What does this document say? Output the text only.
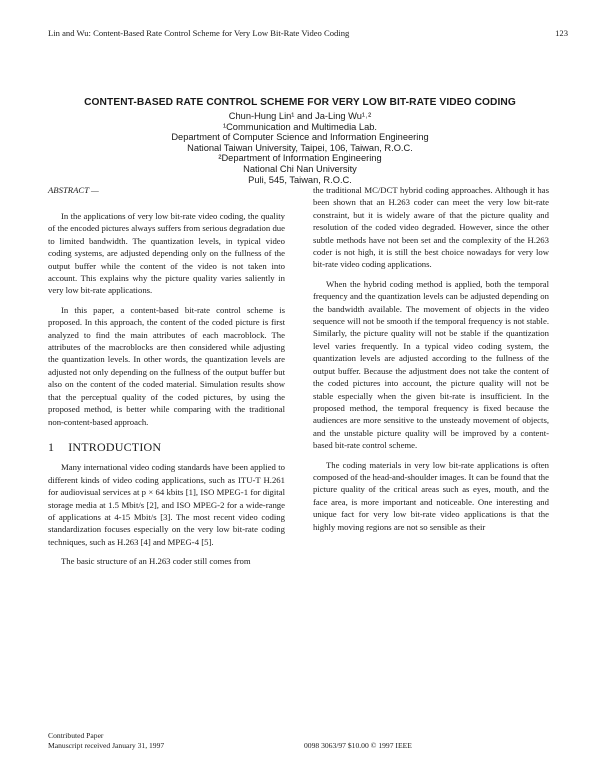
Lin and Wu: Content-Based Rate Control Scheme for Very Low Bit-Rate Video Coding	123
CONTENT-BASED RATE CONTROL SCHEME FOR VERY LOW BIT-RATE VIDEO CODING
Chun-Hung Lin¹ and Ja-Ling Wu¹˒²
¹Communication and Multimedia Lab.
Department of Computer Science and Information Engineering
National Taiwan University, Taipei, 106, Taiwan, R.O.C.
²Department of Information Engineering
National Chi Nan University
Puli, 545, Taiwan, R.O.C.
ABSTRACT —

In the applications of very low bit-rate video coding, the quality of the encoded pictures always suffers from serious degradation due to limited bandwidth. The quantization levels, in typical video coding systems, are adjusted depending only on the fullness of the output buffer while the content of the video is not taken into account. This explains why the picture quality varies saliently in very low bit-rate applications.

In this paper, a content-based bit-rate control scheme is proposed. In this approach, the content of the coded picture is first analyzed to find the main attributes of each macroblock. The attributes of the macroblocks are then considered while adjusting the quantization levels. In other words, the quantization levels are adjusted not only depending on the fullness of the output buffer but also on the content of the coded material. Simulation results show that the perceptual quality of the coded pictures, by using the proposed method, is better while comparing with the traditional non-content-based approach.

1 INTRODUCTION

Many international video coding standards have been applied to different kinds of video coding applications, such as ITU-T H.261 for audiovisual services at p × 64 kbits [1], ISO MPEG-1 for digital storage media at 1.5 Mbit/s [2], and ISO MPEG-2 for a wide-range of applications at 4-15 Mbit/s [3]. The most recent video coding standardization focuses especially on the very low bit-rate coding techniques, such as H.263 [4] and MPEG-4 [5].

The basic structure of an H.263 coder still comes from

the traditional MC/DCT hybrid coding approaches. Although it has been shown that an H.263 coder can meet the very low bit-rate constraint, but it is widely aware of that the picture quality and resolution of the coded video degraded. However, since the other subtle methods have not been set and the complexity of the H.263 coder is not high, it is still the best choice nowadays for very low bit-rate video coding applications.

When the hybrid coding method is applied, both the temporal frequency and the quantization levels can be adjusted depending on the bandwidth available. The movement of objects in the video sequence will not be smooth if the temporal frequency is not stable. Similarly, the picture quality will not be stable if the quantization level varies frequently. In a typical video coding system, the quantization levels are adjusted according to the fullness of the output buffer. Because the adjustment does not take the content of the coded pictures into account, the picture quality will not be stable especially when the given bit-rate is insufficient. In the proposed method, the temporal frequency is fixed because the audiences are more sensitive to the unsteady movement of objects, and the unstable picture quality will be improved by a content-based bit-rate control scheme.

The coding materials in very low bit-rate applications is often composed of the head-and-shoulder images. It can be found that the picture quality of the critical areas such as eyes, mouth, and the face area, is more important and noticeable. One interesting and unique fact for very low bit-rate video applications is that the highly moving regions are not so sensible as their

Contributed Paper
Manuscript received January 31, 1997	0098 3063/97 $10.00 © 1997 IEEE
